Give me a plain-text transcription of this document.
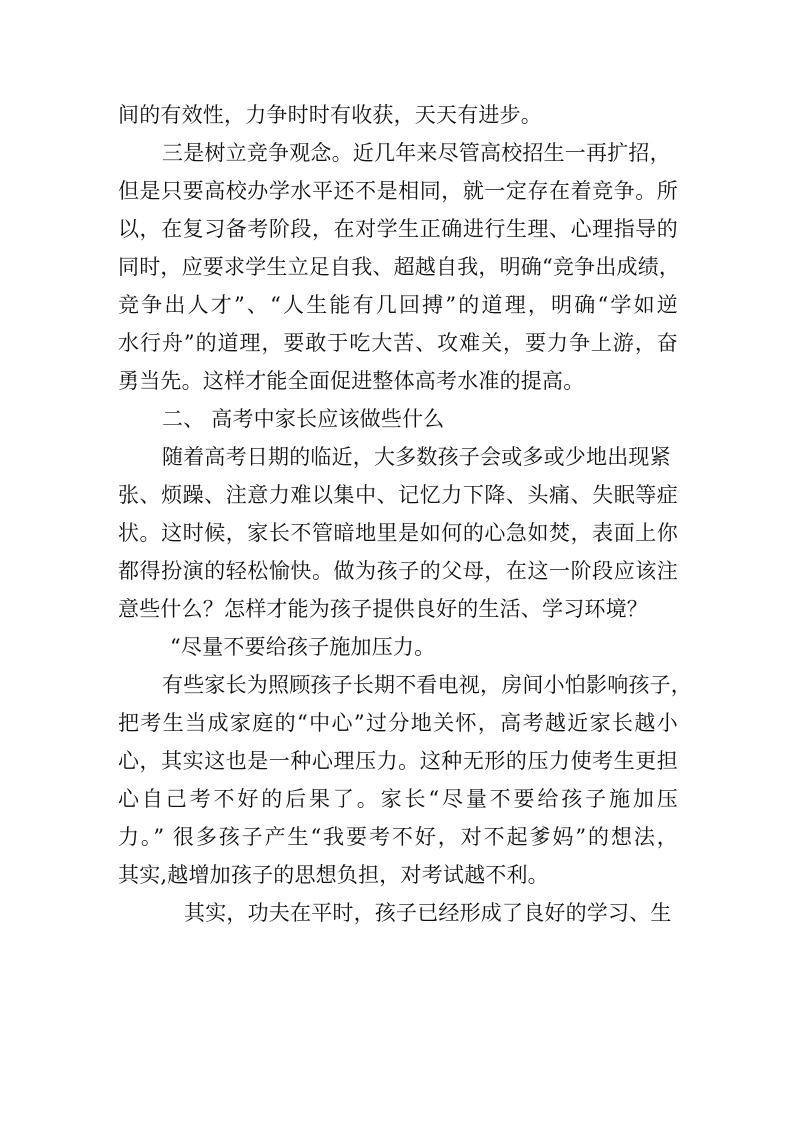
间的有效性，力争时时有收获，天天有进步。
三是树立竞争观念。近几年来尽管高校招生一再扩招，
但是只要高校办学水平还不是相同，就一定存在着竞争。所
以，在复习备考阶段，在对学生正确进行生理、心理指导的
同时，应要求学生立足自我、超越自我，明确“竞争出成绩，
竞争出人才”、“人生能有几回搏”的道理，明确“学如逆
水行舟”的道理，要敢于吃大苦、攻难关，要力争上游，奋
勇当先。这样才能全面促进整体高考水准的提高。
二、 高考中家长应该做些什么
随着高考日期的临近，大多数孩子会或多或少地出现紧
张、烦躁、注意力难以集中、记忆力下降、头痛、失眠等症
状。这时候，家长不管暗地里是如何的心急如焚，表面上你
都得扮演的轻松愉快。做为孩子的父母，在这一阶段应该注
意些什么？怎样才能为孩子提供良好的生活、学习环境？
“尽量不要给孩子施加压力。
有些家长为照顾孩子长期不看电视，房间小怕影响孩子，
把考生当成家庭的“中心”过分地关怀，高考越近家长越小
心，其实这也是一种心理压力。这种无形的压力使考生更担
心自己考不好的后果了。家长“尽量不要给孩子施加压
力。” 很多孩子产生“我要考不好，对不起爹妈”的想法，
其实,越增加孩子的思想负担，对考试越不利。
其实，功夫在平时，孩子已经形成了良好的学习、生
